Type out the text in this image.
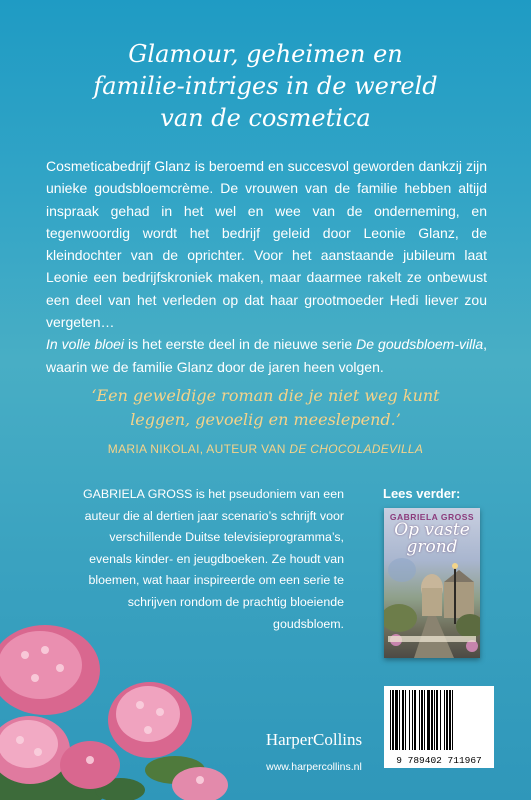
Glamour, geheimen en
familie-intriges in de wereld
van de cosmetica

Cosmeticabedrijf Glanz is beroemd en succesvol geworden dankzij zijn unieke goudsbloemcrème. De vrouwen van de familie hebben altijd inspraak gehad in het wel en wee van de onderneming, en tegenwoordig wordt het bedrijf geleid door Leonie Glanz, de kleindochter van de oprichter. Voor het aanstaande jubileum laat Leonie een bedrijfskroniek maken, maar daarmee rakelt ze onbewust een deel van het verleden op dat haar grootmoeder Hedi liever zou vergeten…

In volle bloei is het eerste deel in de nieuwe serie De goudsbloem-villa, waarin we de familie Glanz door de jaren heen volgen.

‘Een geweldige roman die je niet weg kunt leggen, gevoelig en meeslepend.’
MARIA NIKOLAI, AUTEUR VAN DE CHOCOLADEVILLA
GABRIELA GROSS is het pseudoniem van een auteur die al dertien jaar scenario’s schrijft voor verschillende Duitse televisieprogramma’s, evenals kinder- en jeugdboeken. Ze houdt van bloemen, wat haar inspireerde om een serie te schrijven rondom de prachtig bloeiende goudsbloem.
Lees verder:
GABRIELA GROSS
Op vaste grond
9 789402 711967
HarperCollins
www.harpercollins.nl
